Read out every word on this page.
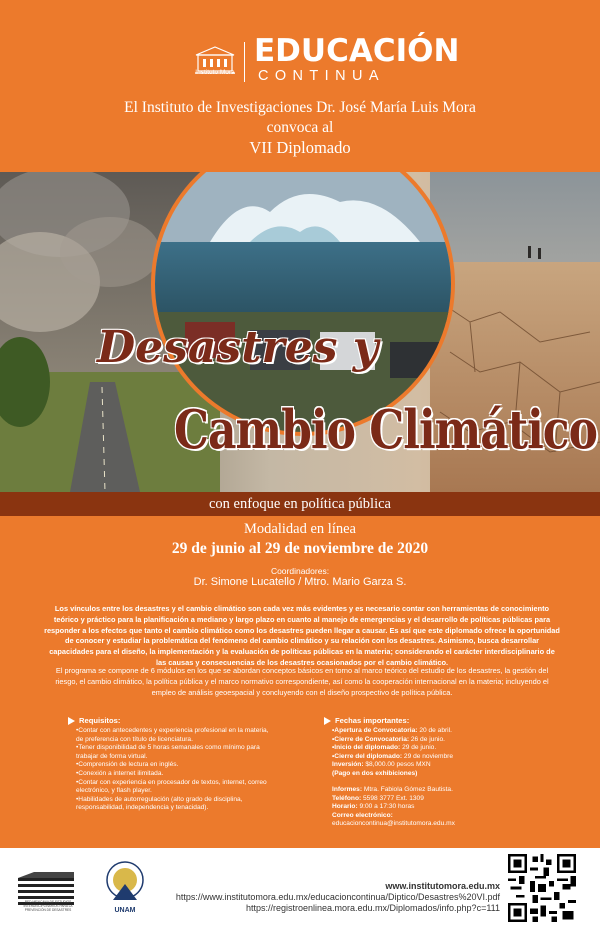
Instituto Mora
EDUCACIÓN
CONTINUA
El Instituto de Investigaciones Dr. José María Luis Mora
convoca al
VII Diplomado
Desastres y
Cambio Climático
con enfoque en política pública
Modalidad en línea
29 de junio al 29 de noviembre de 2020
Coordinadores:
Dr. Simone Lucatello / Mtro. Mario Garza S.

Los vínculos entre los desastres y el cambio climático son cada vez más evidentes y es necesario contar con herramientas de conocimiento teórico y práctico para la planificación a mediano y largo plazo en cuanto al manejo de emergencias y el desarrollo de políticas públicas para responder a los efectos que tanto el cambio climático como los desastres pueden llegar a causar. Es así que este diplomado ofrece la oportunidad de conocer y estudiar la problemática del fenómeno del cambio climático y su relación con los desastres. Asimismo, busca desarrollar capacidades para el diseño, la implementación y la evaluación de políticas públicas en la materia; considerando el carácter interdisciplinario de las causas y consecuencias de los desastres ocasionados por el cambio climático.

El programa se compone de 6 módulos en los que se abordan conceptos básicos en torno al marco teórico del estudio de los desastres, la gestión del riesgo, el cambio climático, la política pública y el marco normativo correspondiente, así como la cooperación internacional en la materia; incluyendo el empleo de análisis geoespacial y concluyendo con el diseño prospectivo de política pública.

Requisitos:
•Contar con antecedentes y experiencia profesional en la materia, de preferencia con título de licenciatura.
•Tener disponibilidad de 5 horas semanales como mínimo para trabajar de forma virtual.
•Comprensión de lectura en inglés.
•Conexión a internet ilimitada.
•Contar con experiencia en procesador de textos, internet, correo electrónico, y flash player.
•Habilidades de autorregulación (alto grado de disciplina, responsabilidad, independencia y tenacidad).
Fechas importantes:
•Apertura de Convocatoria: 20 de abril.
•Cierre de Convocatoria: 26 de junio.
•Inicio del diplomado: 29 de junio.
•Cierre del diplomado: 29 de noviembre
Inversión: $8,000.00 pesos MXN
(Pago en dos exhibiciones)
Informes: Mtra. Fabiola Gómez Bautista.
Teléfono: 5598 3777 Ext. 1309
Horario: 9:00 a 17:30 horas
Correo electrónico:
educacioncontinua@institutomora.edu.mx
RED MEXICANA DE ESTUDIOS INTERDISCIPLINARIOS PARA LA PREVENCIÓN DE DESASTRES	UNAM
www.institutomora.edu.mx
https://www.institutomora.edu.mx/educacioncontinua/Diptico/Desastres%20VI.pdf
https://registroenlinea.mora.edu.mx/Diplomados/info.php?c=111
